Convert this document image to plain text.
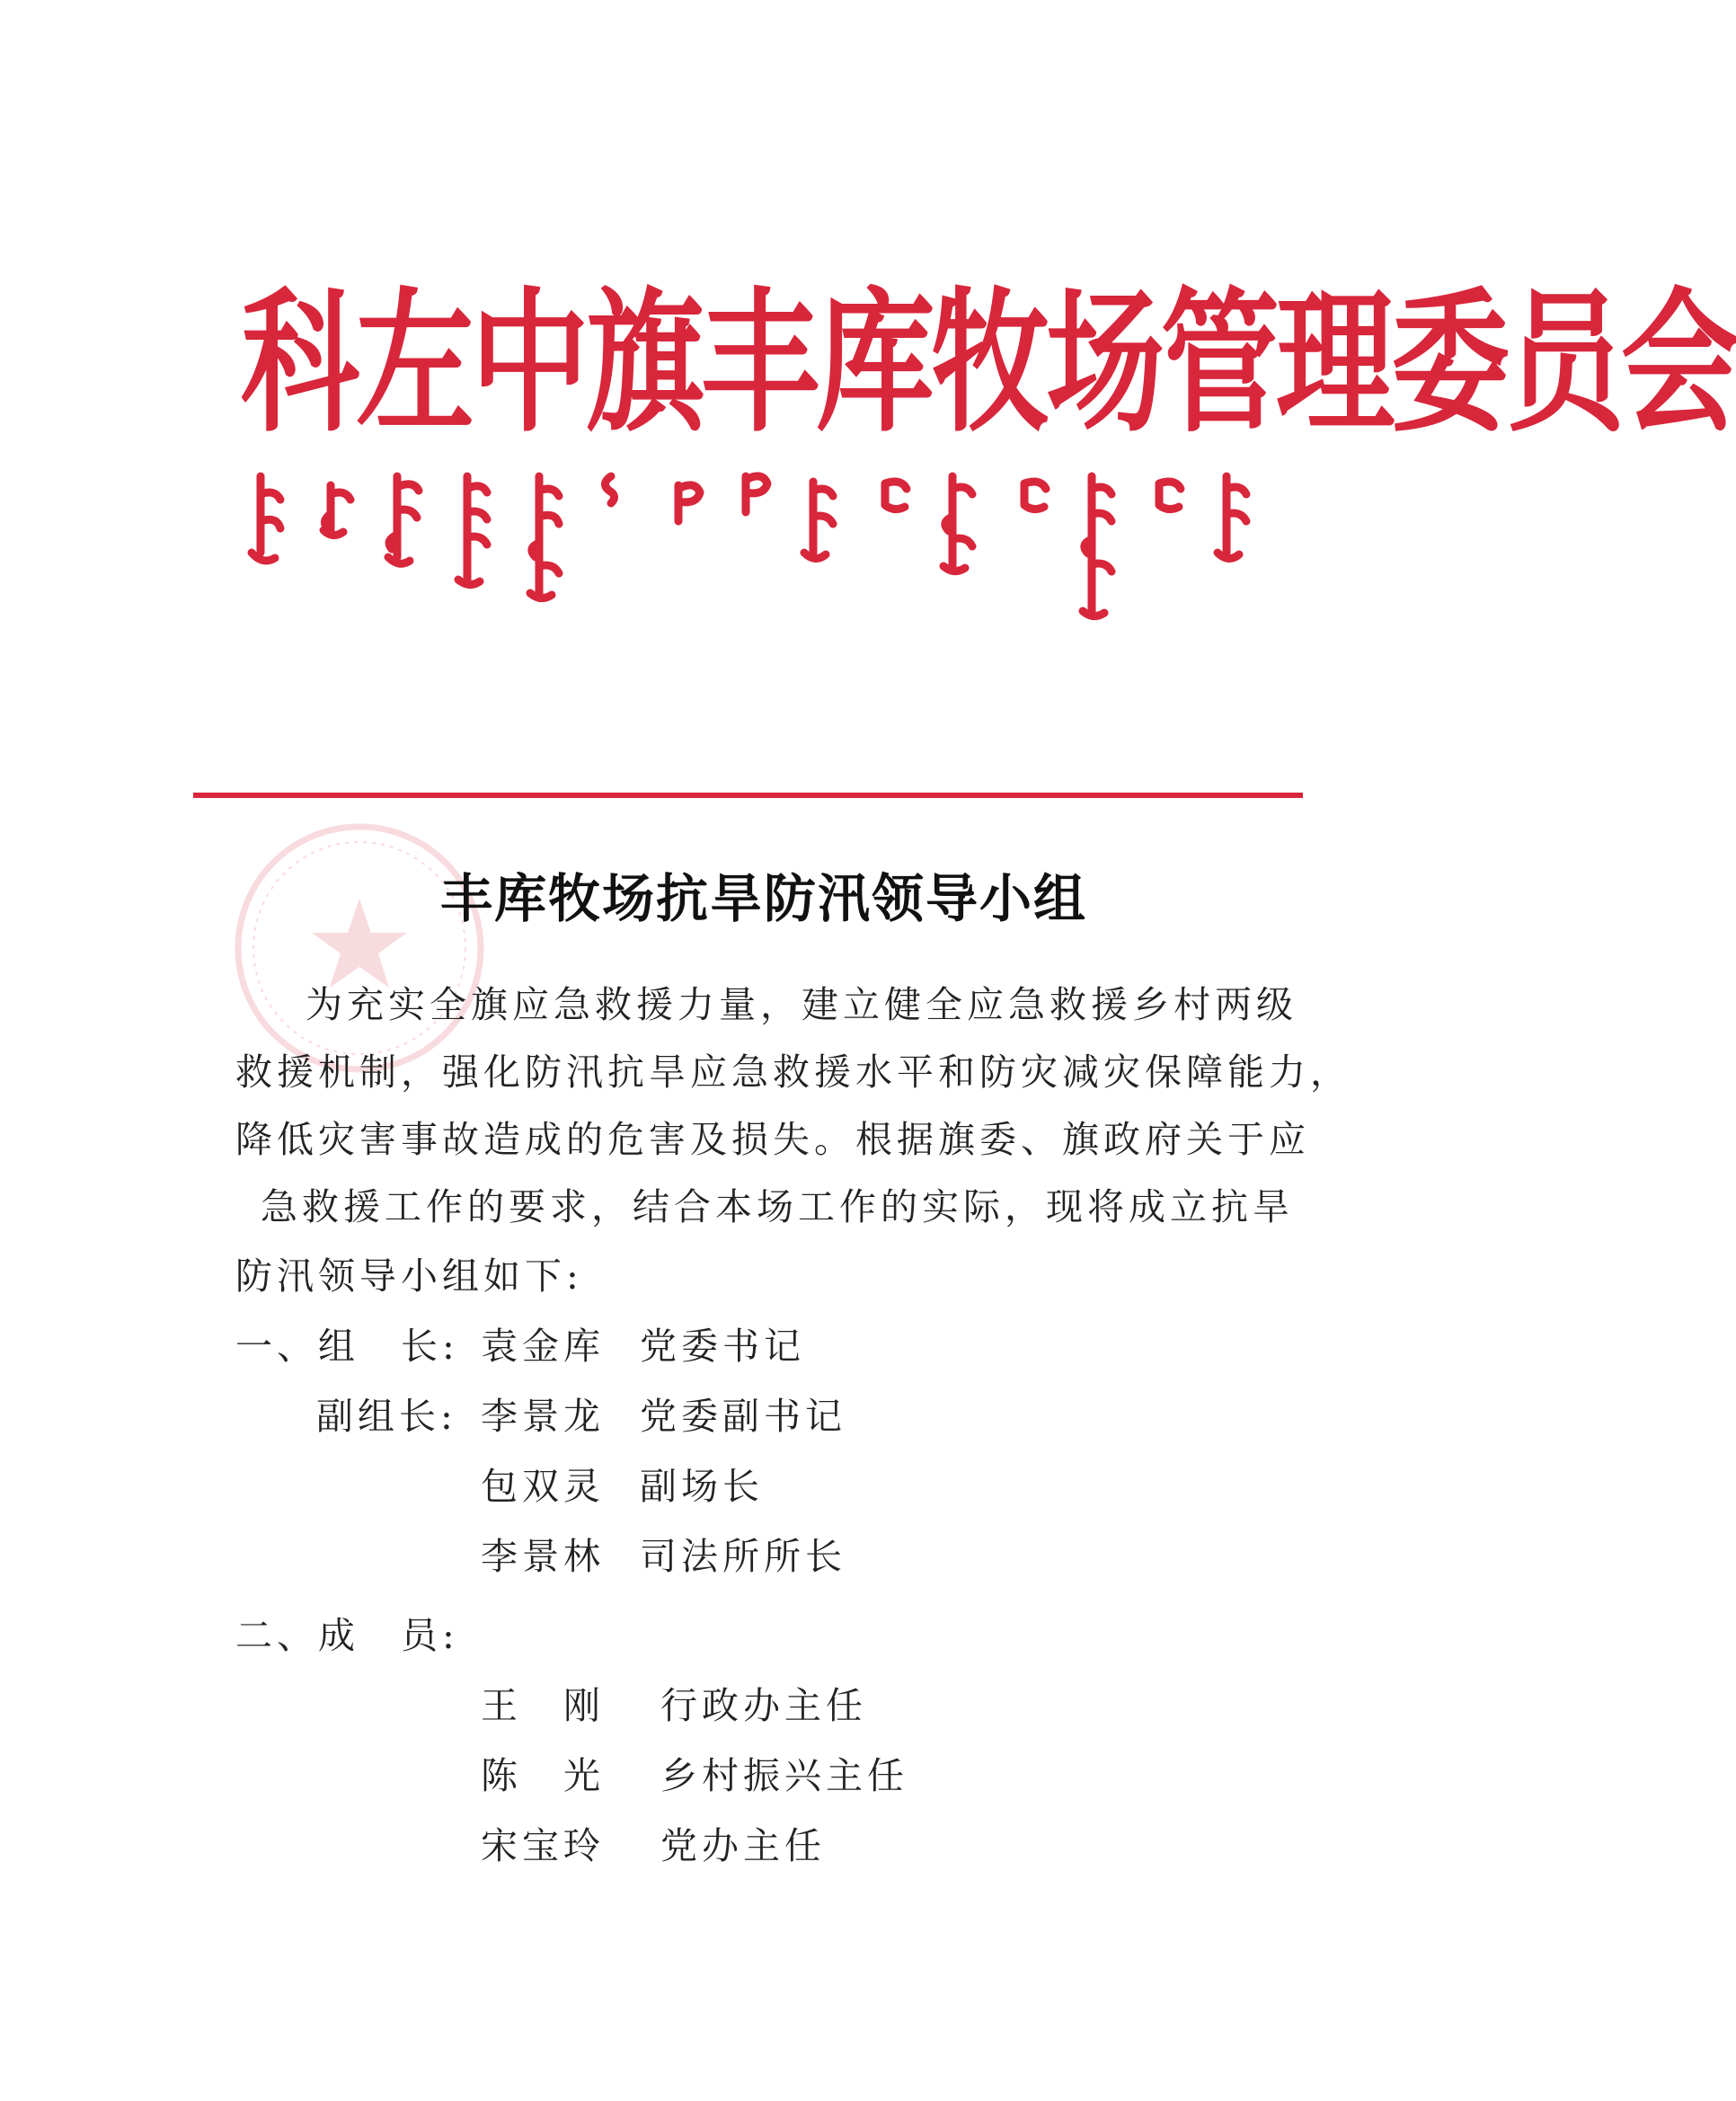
科左中旗丰库牧场管理委员会
丰库牧场抗旱防汛领导小组

为充实全旗应急救援力量，建立健全应急救援乡村两级

救援机制，强化防汛抗旱应急救援水平和防灾减灾保障能力，

降低灾害事故造成的危害及损失。根据旗委、旗政府关于应

急救援工作的要求，结合本场工作的实际，现将成立抗旱

防汛领导小组如下:

一、组　长: 袁金库 党委书记

副组长: 李景龙 党委副书记

包双灵 副场长

李景林 司法所所长

二、成　员:

王　刚 行政办主任

陈　光 乡村振兴主任

宋宝玲 党办主任
